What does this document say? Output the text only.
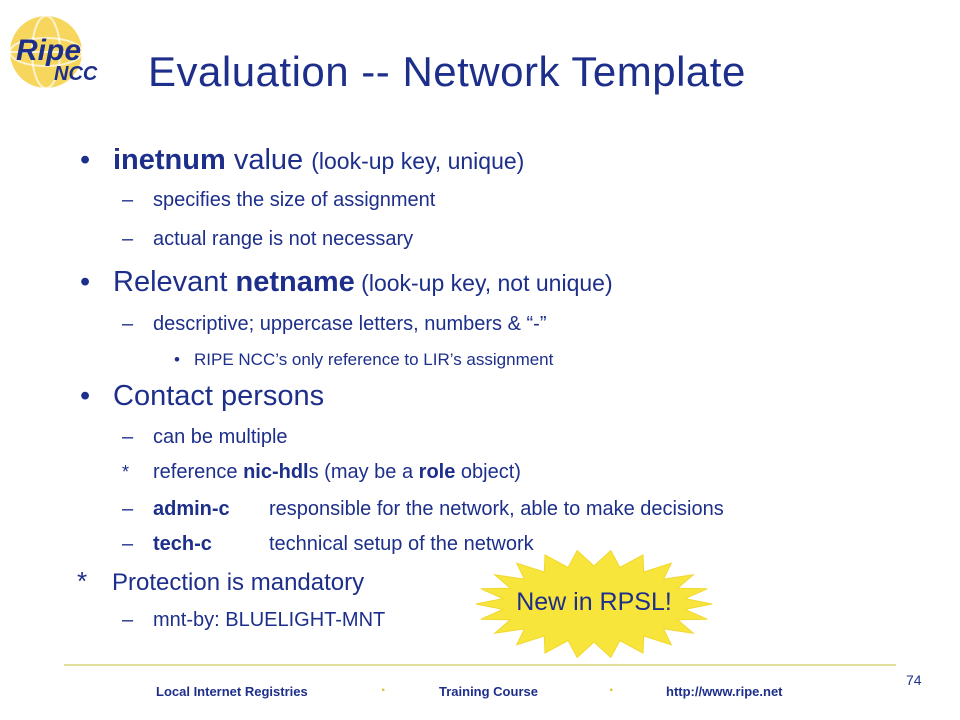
Ripe
NCC Evaluation -- Network Template
• inetnum value (look-up key, unique)
– specifies the size of assignment
– actual range is not necessary
• Relevant netname (look-up key, not unique)
– descriptive; uppercase letters, numbers & “-”
• RIPE NCC’s only reference to LIR’s assignment
• Contact persons
– can be multiple
* reference nic-hdls (may be a role object)
– admin-c responsible for the network, able to make decisions
– tech-c	technical setup of the network
* Protection is mandatory
– mnt-by: BLUELIGHT-MNT
New in RPSL!
Local Internet Registries	.	Training Course	.	http://www.ripe.net
74
